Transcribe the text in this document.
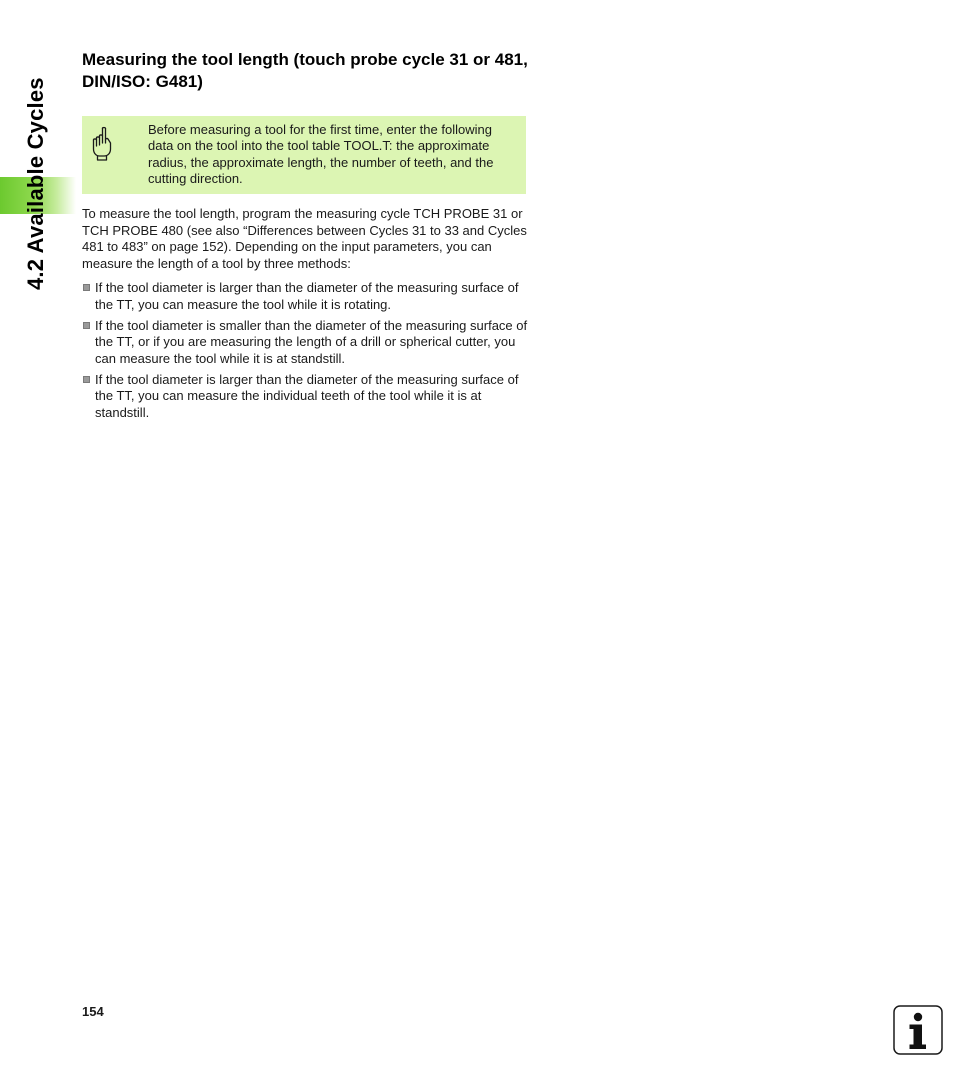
4.2 Available Cycles
Measuring the tool length (touch probe cycle 31 or 481, DIN/ISO: G481)

Before measuring a tool for the first time, enter the following data on the tool into the tool table TOOL.T: the approximate radius, the approximate length, the number of teeth, and the cutting direction.

To measure the tool length, program the measuring cycle TCH PROBE 31 or TCH PROBE 480 (see also “Differences between Cycles 31 to 33 and Cycles 481 to 483” on page 152). Depending on the input parameters, you can measure the length of a tool by three methods:

If the tool diameter is larger than the diameter of the measuring surface of the TT, you can measure the tool while it is rotating.
If the tool diameter is smaller than the diameter of the measuring surface of the TT, or if you are measuring the length of a drill or spherical cutter, you can measure the tool while it is at standstill.
If the tool diameter is larger than the diameter of the measuring surface of the TT, you can measure the individual teeth of the tool while it is at standstill.

154
